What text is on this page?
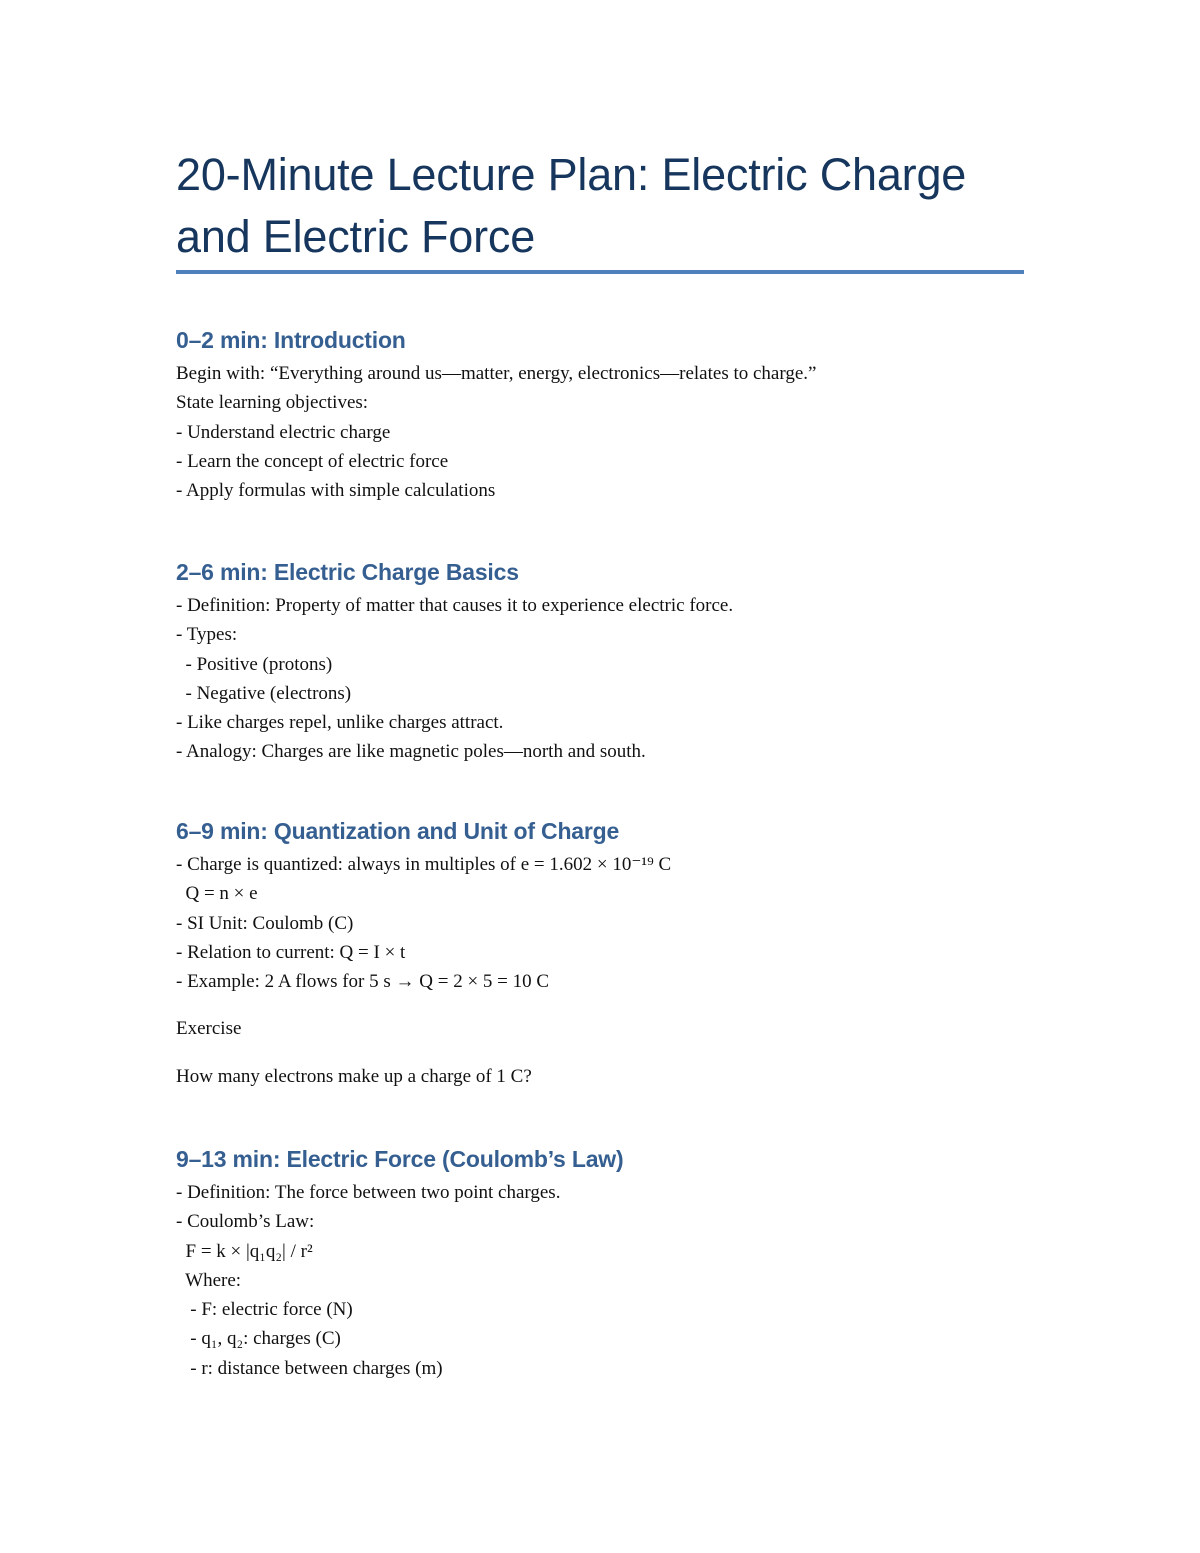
20-Minute Lecture Plan: Electric Charge
and Electric Force
0–2 min: Introduction
Begin with: “Everything around us—matter, energy, electronics—relates to charge.”
State learning objectives:
- Understand electric charge
- Learn the concept of electric force
- Apply formulas with simple calculations
2–6 min: Electric Charge Basics
- Definition: Property of matter that causes it to experience electric force.
- Types:
- Positive (protons)
- Negative (electrons)
- Like charges repel, unlike charges attract.
- Analogy: Charges are like magnetic poles—north and south.
6–9 min: Quantization and Unit of Charge
- Charge is quantized: always in multiples of e = 1.602 × 10⁻¹⁹ C
Q = n × e
- SI Unit: Coulomb (C)
- Relation to current: Q = I × t
- Example: 2 A flows for 5 s → Q = 2 × 5 = 10 C
Exercise
How many electrons make up a charge of 1 C?
9–13 min: Electric Force (Coulomb’s Law)
- Definition: The force between two point charges.
- Coulomb’s Law:
F = k × |q₁q₂| / r²
Where:
- F: electric force (N)
- q₁, q₂: charges (C)
- r: distance between charges (m)
